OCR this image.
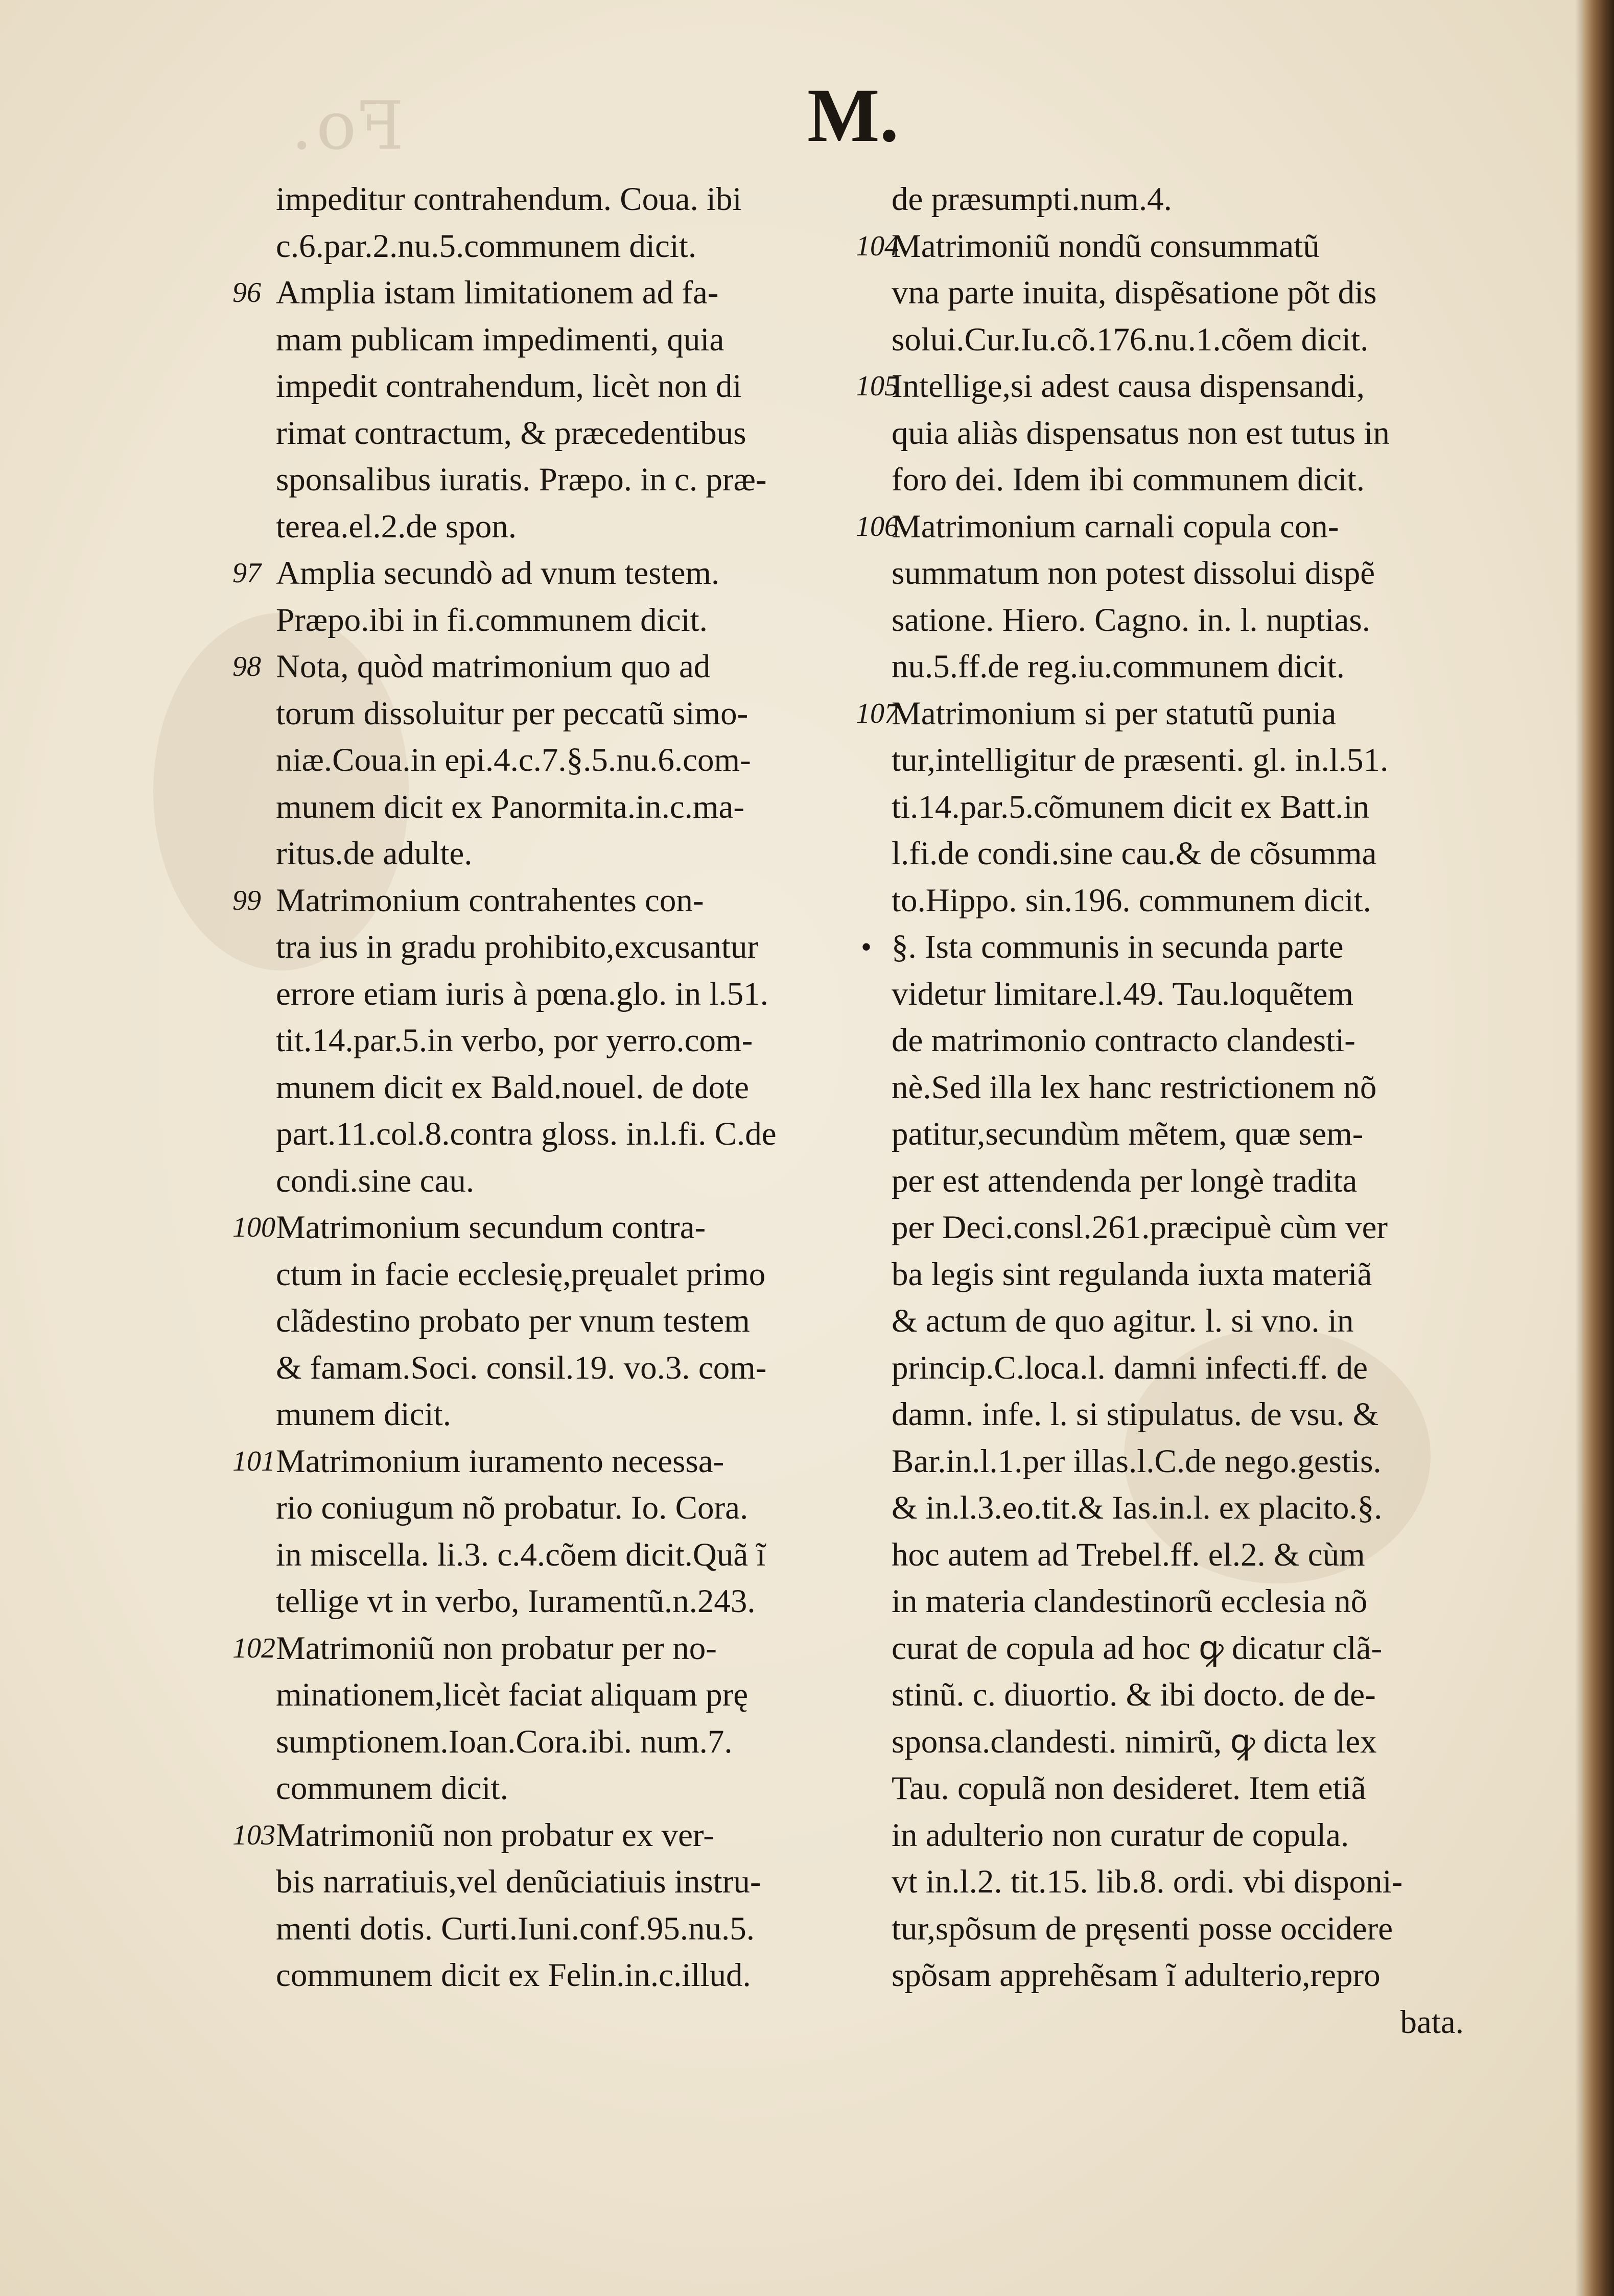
Fo.	M.
impeditur contrahendum. Coua. ibi
c.6.par.2.nu.5.communem dicit.
96 Amplia istam limitationem ad fa-
mam publicam impedimenti, quia
impedit contrahendum, licèt non di
rimat contractum, & præcedentibus
sponsalibus iuratis. Præpo. in c. præ-
terea.el.2.de spon.
97 Amplia secundò ad vnum testem.
Præpo.ibi in fi.communem dicit.
98 Nota, quòd matrimonium quo ad
torum dissoluitur per peccatũ simo-
niæ.Coua.in epi.4.c.7.§.5.nu.6.com-
munem dicit ex Panormita.in.c.ma-
ritus.de adulte.
99 Matrimonium contrahentes con-
tra ius in gradu prohibito,excusantur
errore etiam iuris à pœna.glo. in l.51.
tit.14.par.5.in verbo, por yerro.com-
munem dicit ex Bald.nouel. de dote
part.11.col.8.contra gloss. in.l.fi. C.de
condi.sine cau.
100 Matrimonium secundum contra-
ctum in facie ecclesię,pręualet primo
clãdestino probato per vnum testem
& famam.Soci. consil.19. vo.3. com-
munem dicit.
101 Matrimonium iuramento necessa-
rio coniugum nõ probatur. Io. Cora.
in miscella. li.3. c.4.cõem dicit.Quã ĩ
tellige vt in verbo, Iuramentũ.n.243.
102 Matrimoniũ non probatur per no-
minationem,licèt faciat aliquam prę
sumptionem.Ioan.Cora.ibi. num.7.
communem dicit.
103 Matrimoniũ non probatur ex ver-
bis narratiuis,vel denũciatiuis instru-
menti dotis. Curti.Iuni.conf.95.nu.5.
communem dicit ex Felin.in.c.illud.
de præsumpti.num.4.
104
Matrimoniũ nondũ consummatũ
vna parte inuita, dispẽsatione põt dis
solui.Cur.Iu.cõ.176.nu.1.cõem dicit.
105
Intellige,si adest causa dispensandi,
quia aliàs dispensatus non est tutus in
foro dei. Idem ibi communem dicit.
106
Matrimonium carnali copula con-
summatum non potest dissolui dispẽ
satione. Hiero. Cagno. in. l. nuptias.
nu.5.ff.de reg.iu.communem dicit.
107
Matrimonium si per statutũ punia
tur,intelligitur de præsenti. gl. in.l.51.
ti.14.par.5.cõmunem dicit ex Batt.in
l.fi.de condi.sine cau.& de cõsumma
to.Hippo. sin.196. communem dicit.
• §. Ista communis in secunda parte
videtur limitare.l.49. Tau.loquẽtem
de matrimonio contracto clandesti-
nè.Sed illa lex hanc restrictionem nõ
patitur,secundùm mẽtem, quæ sem-
per est attendenda per longè tradita
per Deci.consl.261.præcipuè cùm ver
ba legis sint regulanda iuxta materiã
& actum de quo agitur. l. si vno. in
princip.C.loca.l. damni infecti.ff. de
damn. infe. l. si stipulatus. de vsu. &
Bar.in.l.1.per illas.l.C.de nego.gestis.
& in.l.3.eo.tit.& Ias.in.l. ex placito.§.
hoc autem ad Trebel.ff. el.2. & cùm
in materia clandestinorũ ecclesia nõ
curat de copula ad hoc ꝙ dicatur clã-
stinũ. c. diuortio. & ibi docto. de de-
sponsa.clandesti. nimirũ, ꝙ dicta lex
Tau. copulã non desideret. Item etiã
in adulterio non curatur de copula.
vt in.l.2. tit.15. lib.8. ordi. vbi disponi-
tur,spõsum de pręsenti posse occidere
spõsam apprehẽsam ĩ adulterio,repro
bata.
